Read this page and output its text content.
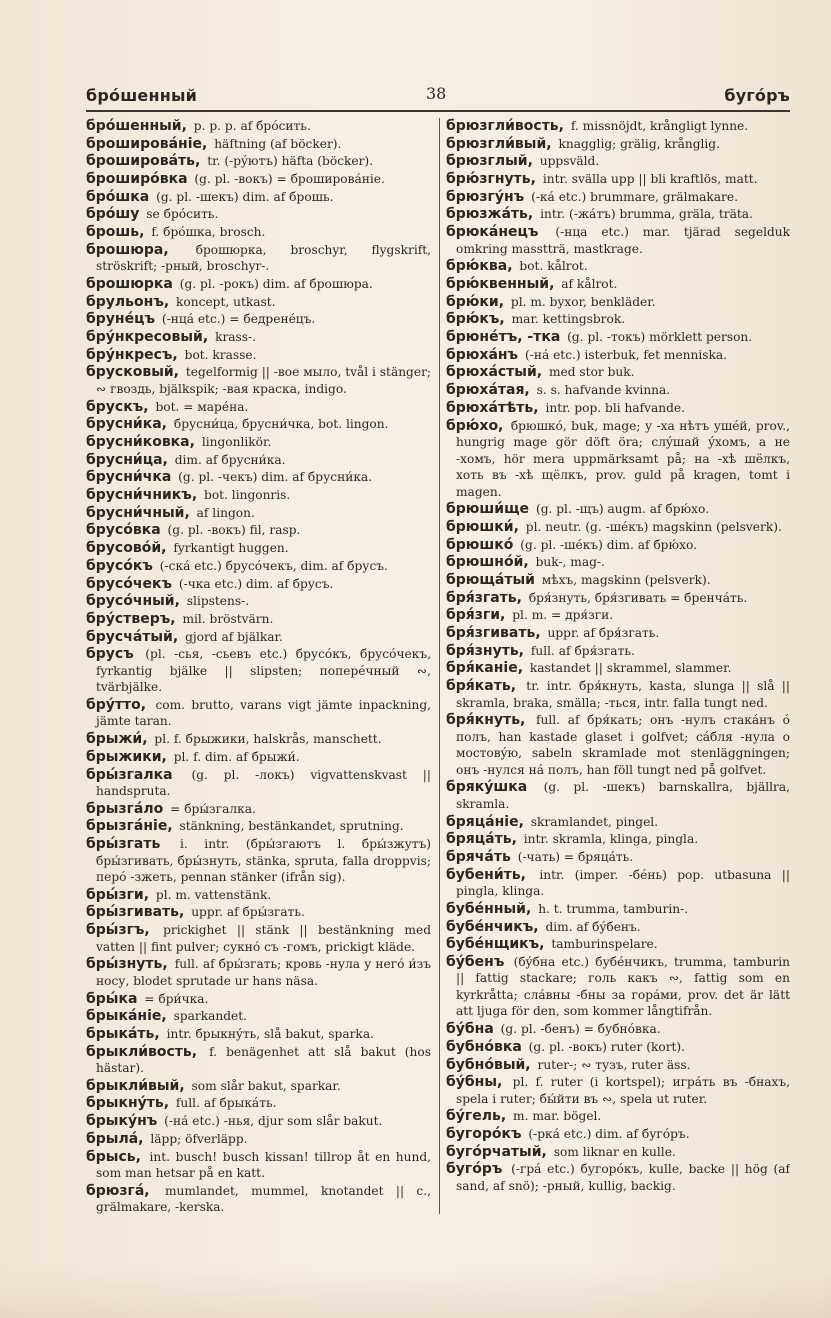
брóшенный	38	бугóръ

брóшенный, p. p. p. af брóсить.

брошировáніе, häftning (af böcker).

брошировáть, tr. (-рýютъ) häfta (böcker).

броширóвка (g. pl. -вокъ) = брошировáніе.

брóшка (g. pl. -шекъ) dim. af брошь.

брóшу se брóсить.

брошь, f. брóшка, brosch.

брошюра, брошюрка, broschyr, flygskrift, ströskrift; -рный, broschyr-.

брошюрка (g. pl. -рокъ) dim. af брошюра.

брульонъ, koncept, utkast.

брунéцъ (-нцá etc.) = бедренéцъ.

брýнкресовый, krass-.

брýнкресъ, bot. krasse.

брусковый, tegelformig || -вое мыло, tvål i stänger; ∾ гвоздь, bjälkspik; -вая краска, indigo.

брускъ, bot. = марéна.

брусни́ка, брусни́ца, брусни́чка, bot. lingon.

брусни́ковка, lingonlikör.

брусни́ца, dim. af брусни́ка.

брусни́чка (g. pl. -чекъ) dim. af брусни́ка.

брусни́чникъ, bot. lingonris.

брусни́чный, af lingon.

брусóвка (g. pl. -вокъ) fil, rasp.

брусовóй, fyrkantigt huggen.

брусóкъ (-скá etc.) брусóчекъ, dim. af брусъ.

брусóчекъ (-чка etc.) dim. af брусъ.

брусóчный, slipstens-.

брýстверъ, mil. bröstvärn.

брусчáтый, gjord af bjälkar.

брусъ (pl. -сья, -сьевъ etc.) брусóкъ, брусóчекъ, fyrkantig bjälke || slipsten; поперéчный ∾, tvärbjälke.

брýтто, com. brutto, varans vigt jämte inpackning, jämte taran.

брыжи́, pl. f. брыжики, halskrås, manschett.

брыжики, pl. f. dim. af брыжи́.

бры́згалка (g. pl. -локъ) vigvattenskvast || handspruta.

брызгáло = бры́згалка.

брызгáніе, stänkning, bestänkandet, sprutning.

бры́згать i. intr. (бры́згаютъ l. бры́зжутъ) бры́згивать, бры́знуть, stänka, spruta, falla droppvis; перó -зжеть, pennan stänker (ifrån sig).

бры́зги, pl. m. vattenstänk.

бры́згивать, uppr. af бры́згать.

бры́згъ, prickighet || stänk || bestänkning med vatten || fint pulver; сукнó съ -гомъ, prickigt kläde.

бры́знуть, full. af бры́згать; кровь -нула у негó и́зъ носу, blodet sprutade ur hans näsa.

бры́ка = бри́чка.

брыкáніе, sparkandet.

брыкáть, intr. брыкнýть, slå bakut, sparka.

брыкли́вость, f. benägenhet att slå bakut (hos hästar).

брыкли́вый, som slår bakut, sparkar.

брыкнýть, full. af брыкáть.

брыкýнъ (-нá etc.) -нья, djur som slår bakut.

брылá, läpp; öfverläpp.

брысь, int. busch! busch kissan! tillrop åt en hund, som man hetsar på en katt.

брюзгá, mumlandet, mummel, knotandet || c., grälmakare, -kerska.

брюзгли́вость, f. missnöjdt, krångligt lynne.

брюзгли́вый, knagglig; grälig, krånglig.

брюзглый, uppsväld.

брю́згнуть, intr. svälla upp || bli kraftlös, matt.

брюзгýнъ (-кá etc.) brummare, grälmakare.

брюзжáть, intr. (-жáтъ) brumma, gräla, träta.

брюкáнецъ (-нца etc.) mar. tjärad segelduk omkring masstträ, mastkrage.

брю́ква, bot. kålrot.

брю́квенный, af kålrot.

брю́ки, pl. m. byxor, benkläder.

брю́къ, mar. kettingsbrok.

брюнéтъ, -тка (g. pl. -токъ) mörklett person.

брюхáнъ (-нá etc.) isterbuk, fet menniska.

брюхáстый, med stor buk.

брюхáтая, s. s. hafvande kvinna.

брюхáтѣть, intr. pop. bli hafvande.

брю́хо, брюшкó, buk, mage; у -ха нѣтъ ушéй, prov., hungrig mage gör döft öra; слýшай ýхомъ, а не -хомъ, hör mera uppmärksamt på; на -хѣ шёлкъ, хоть въ -хѣ щёлкъ, prov. guld på kragen, tomt i magen.

брюши́ще (g. pl. -щъ) augm. af брю́хо.

брюшки́, pl. neutr. (g. -шéкъ) magskinn (pelsverk).

брюшкó (g. pl. -шéкъ) dim. af брю́хо.

брюшнóй, buk-, mag-.

брющáтый мѣхъ, magskinn (pelsverk).

бря́згать, бря́знуть, бря́згивать = бренчáть.

бря́зги, pl. m. = дря́зги.

бря́згивать, uppr. af бря́згать.

бря́знуть, full. af бря́згать.

бря́каніе, kastandet || skrammel, slammer.

бря́кать, tr. intr. бря́кнуть, kasta, slunga || slå || skramla, braka, smälla; -ться, intr. falla tungt ned.

бря́кнуть, full. af бря́кать; онъ -нулъ стакáнъ ó полъ, han kastade glaset i golfvet; сáбля -нула о мостовýю, sabeln skramlade mot stenläggningen; онъ -нулся нá полъ, han föll tungt ned på golfvet.

брякýшка (g. pl. -шекъ) barnskallra, bjällra, skramla.

бряцáніе, skramlandet, pingel.

бряцáть, intr. skramla, klinga, pingla.

брячáть (-чать) = бряцáть.

бубени́ть, intr. (imper. -бéнь) pop. utbasuna || pingla, klinga.

бубéнный, h. t. trumma, tamburin-.

бубéнчикъ, dim. af бýбенъ.

бубéнщикъ, tamburinspelare.

бýбенъ (бýбна etc.) бубéнчикъ, trumma, tamburin || fattig stackare; голь какъ ∾, fattig som en kyrkråtta; слáвны -бны за горáми, prov. det är lätt att ljuga för den, som kommer långtifrån.

бýбна (g. pl. -бенъ) = бубнóвка.

бубнóвка (g. pl. -вокъ) ruter (kort).

бубнóвый, ruter-; ∾ тузъ, ruter äss.

бýбны, pl. f. ruter (i kortspel); игрáть въ -бнахъ, spela i ruter; бы́йти въ ∾, spela ut ruter.

бýгель, m. mar. bögel.

бугорóкъ (-ркá etc.) dim. af бугóръ.

бугóрчатый, som liknar en kulle.

бугóръ (-грá etc.) бугорóкъ, kulle, backe || hög (af sand, af snö); -рный, kullig, backig.
